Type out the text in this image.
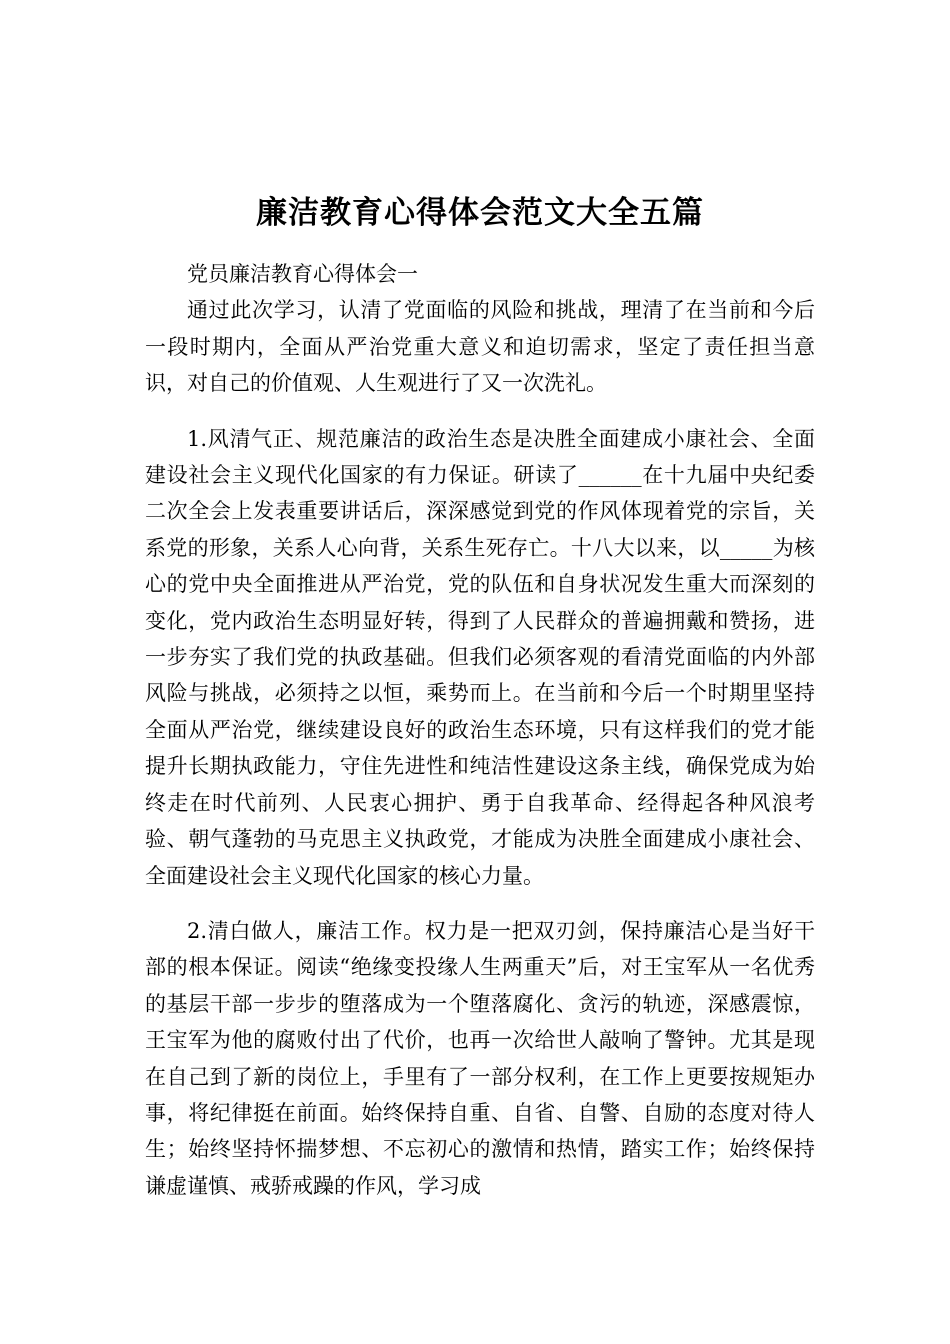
廉洁教育心得体会范文大全五篇

党员廉洁教育心得体会一

通过此次学习，认清了党面临的风险和挑战，理清了在当前和今后一段时期内，全面从严治党重大意义和迫切需求，坚定了责任担当意识，对自己的价值观、人生观进行了又一次洗礼。

1.风清气正、规范廉洁的政治生态是决胜全面建成小康社会、全面建设社会主义现代化国家的有力保证。研读了______在十九届中央纪委二次全会上发表重要讲话后，深深感觉到党的作风体现着党的宗旨，关系党的形象，关系人心向背，关系生死存亡。十八大以来，以_____为核心的党中央全面推进从严治党，党的队伍和自身状况发生重大而深刻的变化，党内政治生态明显好转，得到了人民群众的普遍拥戴和赞扬，进一步夯实了我们党的执政基础。但我们必须客观的看清党面临的内外部风险与挑战，必须持之以恒，乘势而上。在当前和今后一个时期里坚持全面从严治党，继续建设良好的政治生态环境，只有这样我们的党才能提升长期执政能力，守住先进性和纯洁性建设这条主线，确保党成为始终走在时代前列、人民衷心拥护、勇于自我革命、经得起各种风浪考验、朝气蓬勃的马克思主义执政党，才能成为决胜全面建成小康社会、全面建设社会主义现代化国家的核心力量。

2.清白做人，廉洁工作。权力是一把双刃剑，保持廉洁心是当好干部的根本保证。阅读“绝缘变投缘人生两重天”后，对王宝军从一名优秀的基层干部一步步的堕落成为一个堕落腐化、贪污的轨迹，深感震惊，王宝军为他的腐败付出了代价，也再一次给世人敲响了警钟。尤其是现在自己到了新的岗位上，手里有了一部分权利，在工作上更要按规矩办事，将纪律挺在前面。始终保持自重、自省、自警、自励的态度对待人生；始终坚持怀揣梦想、不忘初心的激情和热情，踏实工作；始终保持谦虚谨慎、戒骄戒躁的作风，学习成
